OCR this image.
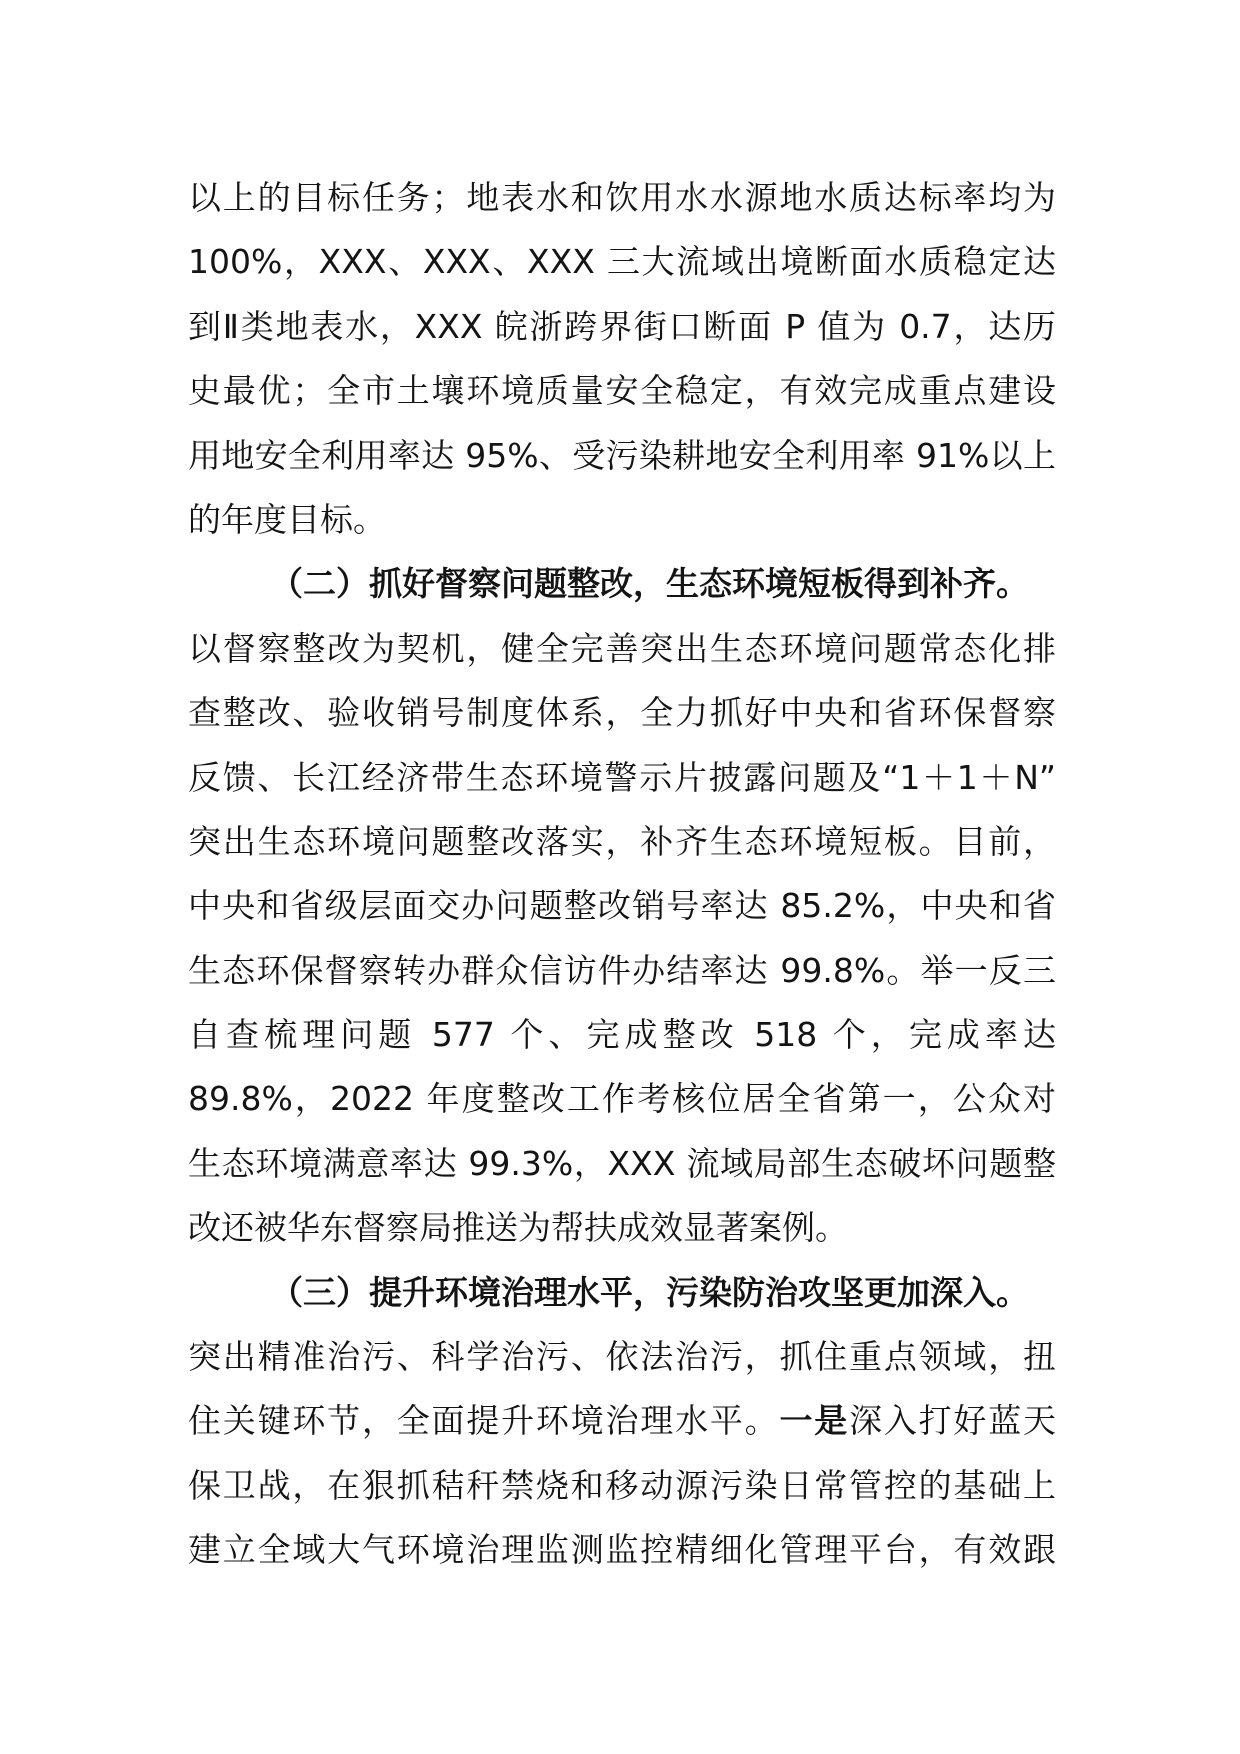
以上的目标任务；地表水和饮用水水源地水质达标率均为
100%，XXX、XXX、XXX 三大流域出境断面水质稳定达
到Ⅱ类地表水，XXX 皖浙跨界街口断面 P 值为 0.7，达历
史最优；全市土壤环境质量安全稳定，有效完成重点建设
用地安全利用率达 95%、受污染耕地安全利用率 91%以上
的年度目标。
（二）抓好督察问题整改，生态环境短板得到补齐。
以督察整改为契机，健全完善突出生态环境问题常态化排
查整改、验收销号制度体系，全力抓好中央和省环保督察
反馈、长江经济带生态环境警示片披露问题及“1＋1＋N”
突出生态环境问题整改落实，补齐生态环境短板。目前，
中央和省级层面交办问题整改销号率达 85.2%，中央和省
生态环保督察转办群众信访件办结率达 99.8%。举一反三
自查梳理问题 577 个、完成整改 518 个，完成率达
89.8%，2022 年度整改工作考核位居全省第一，公众对
生态环境满意率达 99.3%，XXX 流域局部生态破坏问题整
改还被华东督察局推送为帮扶成效显著案例。
（三）提升环境治理水平，污染防治攻坚更加深入。
突出精准治污、科学治污、依法治污，抓住重点领域，扭
住关键环节，全面提升环境治理水平。一是深入打好蓝天
保卫战，在狠抓秸秆禁烧和移动源污染日常管控的基础上
建立全域大气环境治理监测监控精细化管理平台，有效跟
